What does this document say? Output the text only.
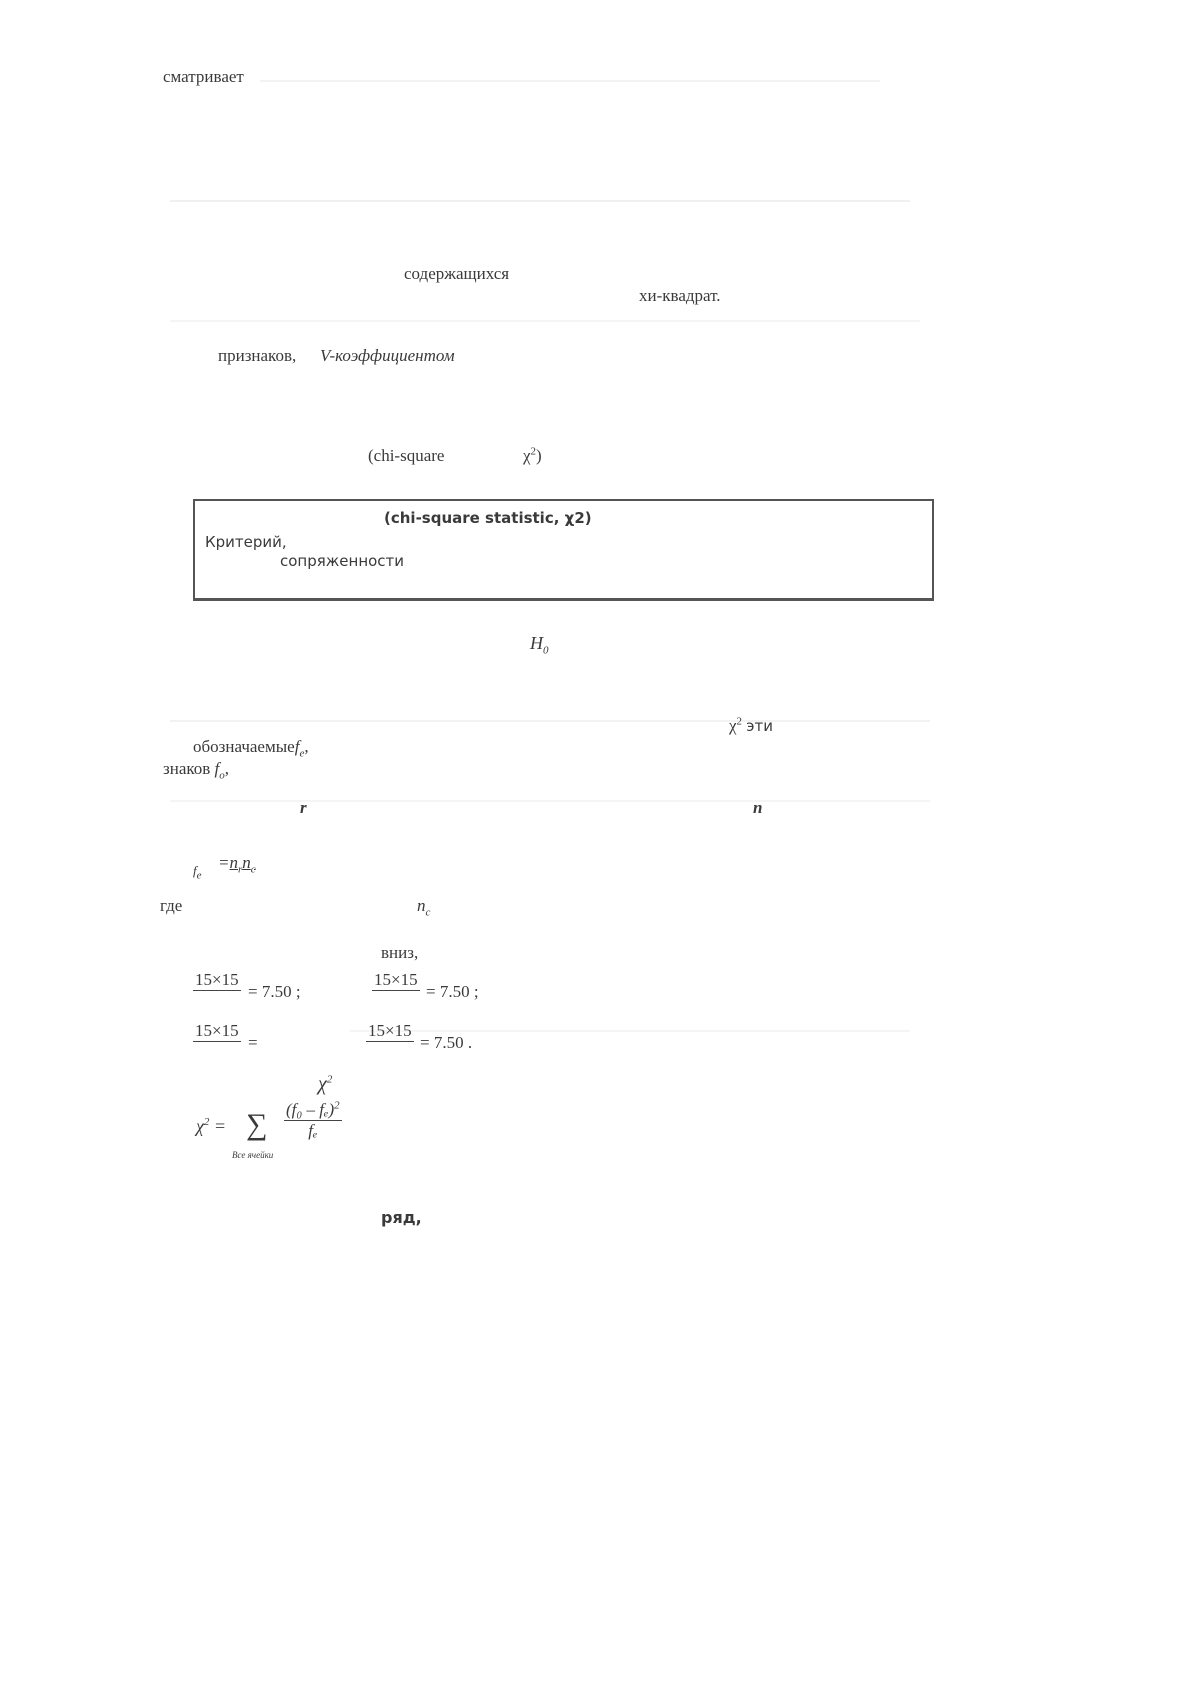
сматривает
содержащихся
хи-квадрат.
признаков, V-коэффициентом
(chi-square	$\chi^2$)
(chi-square statistic, χ2)
Критерий,
сопряженности
$H_0$
$\chi^2$ эти
обозначаемыеf$_e$,
знаков $f_o$,
r	n
$f_e$
$=n_rn_c$
где	$n_c$
вниз,
15×15
= 7.50 ;
15×15
= 7.50 ;
15×15
=
15×15
= 7.50 .
$\chi^2$
$\chi^2$ = ∑
Все ячейки
$\frac{(f_0 - f_e)^2}{\text{fₑ}}$
ряд,
